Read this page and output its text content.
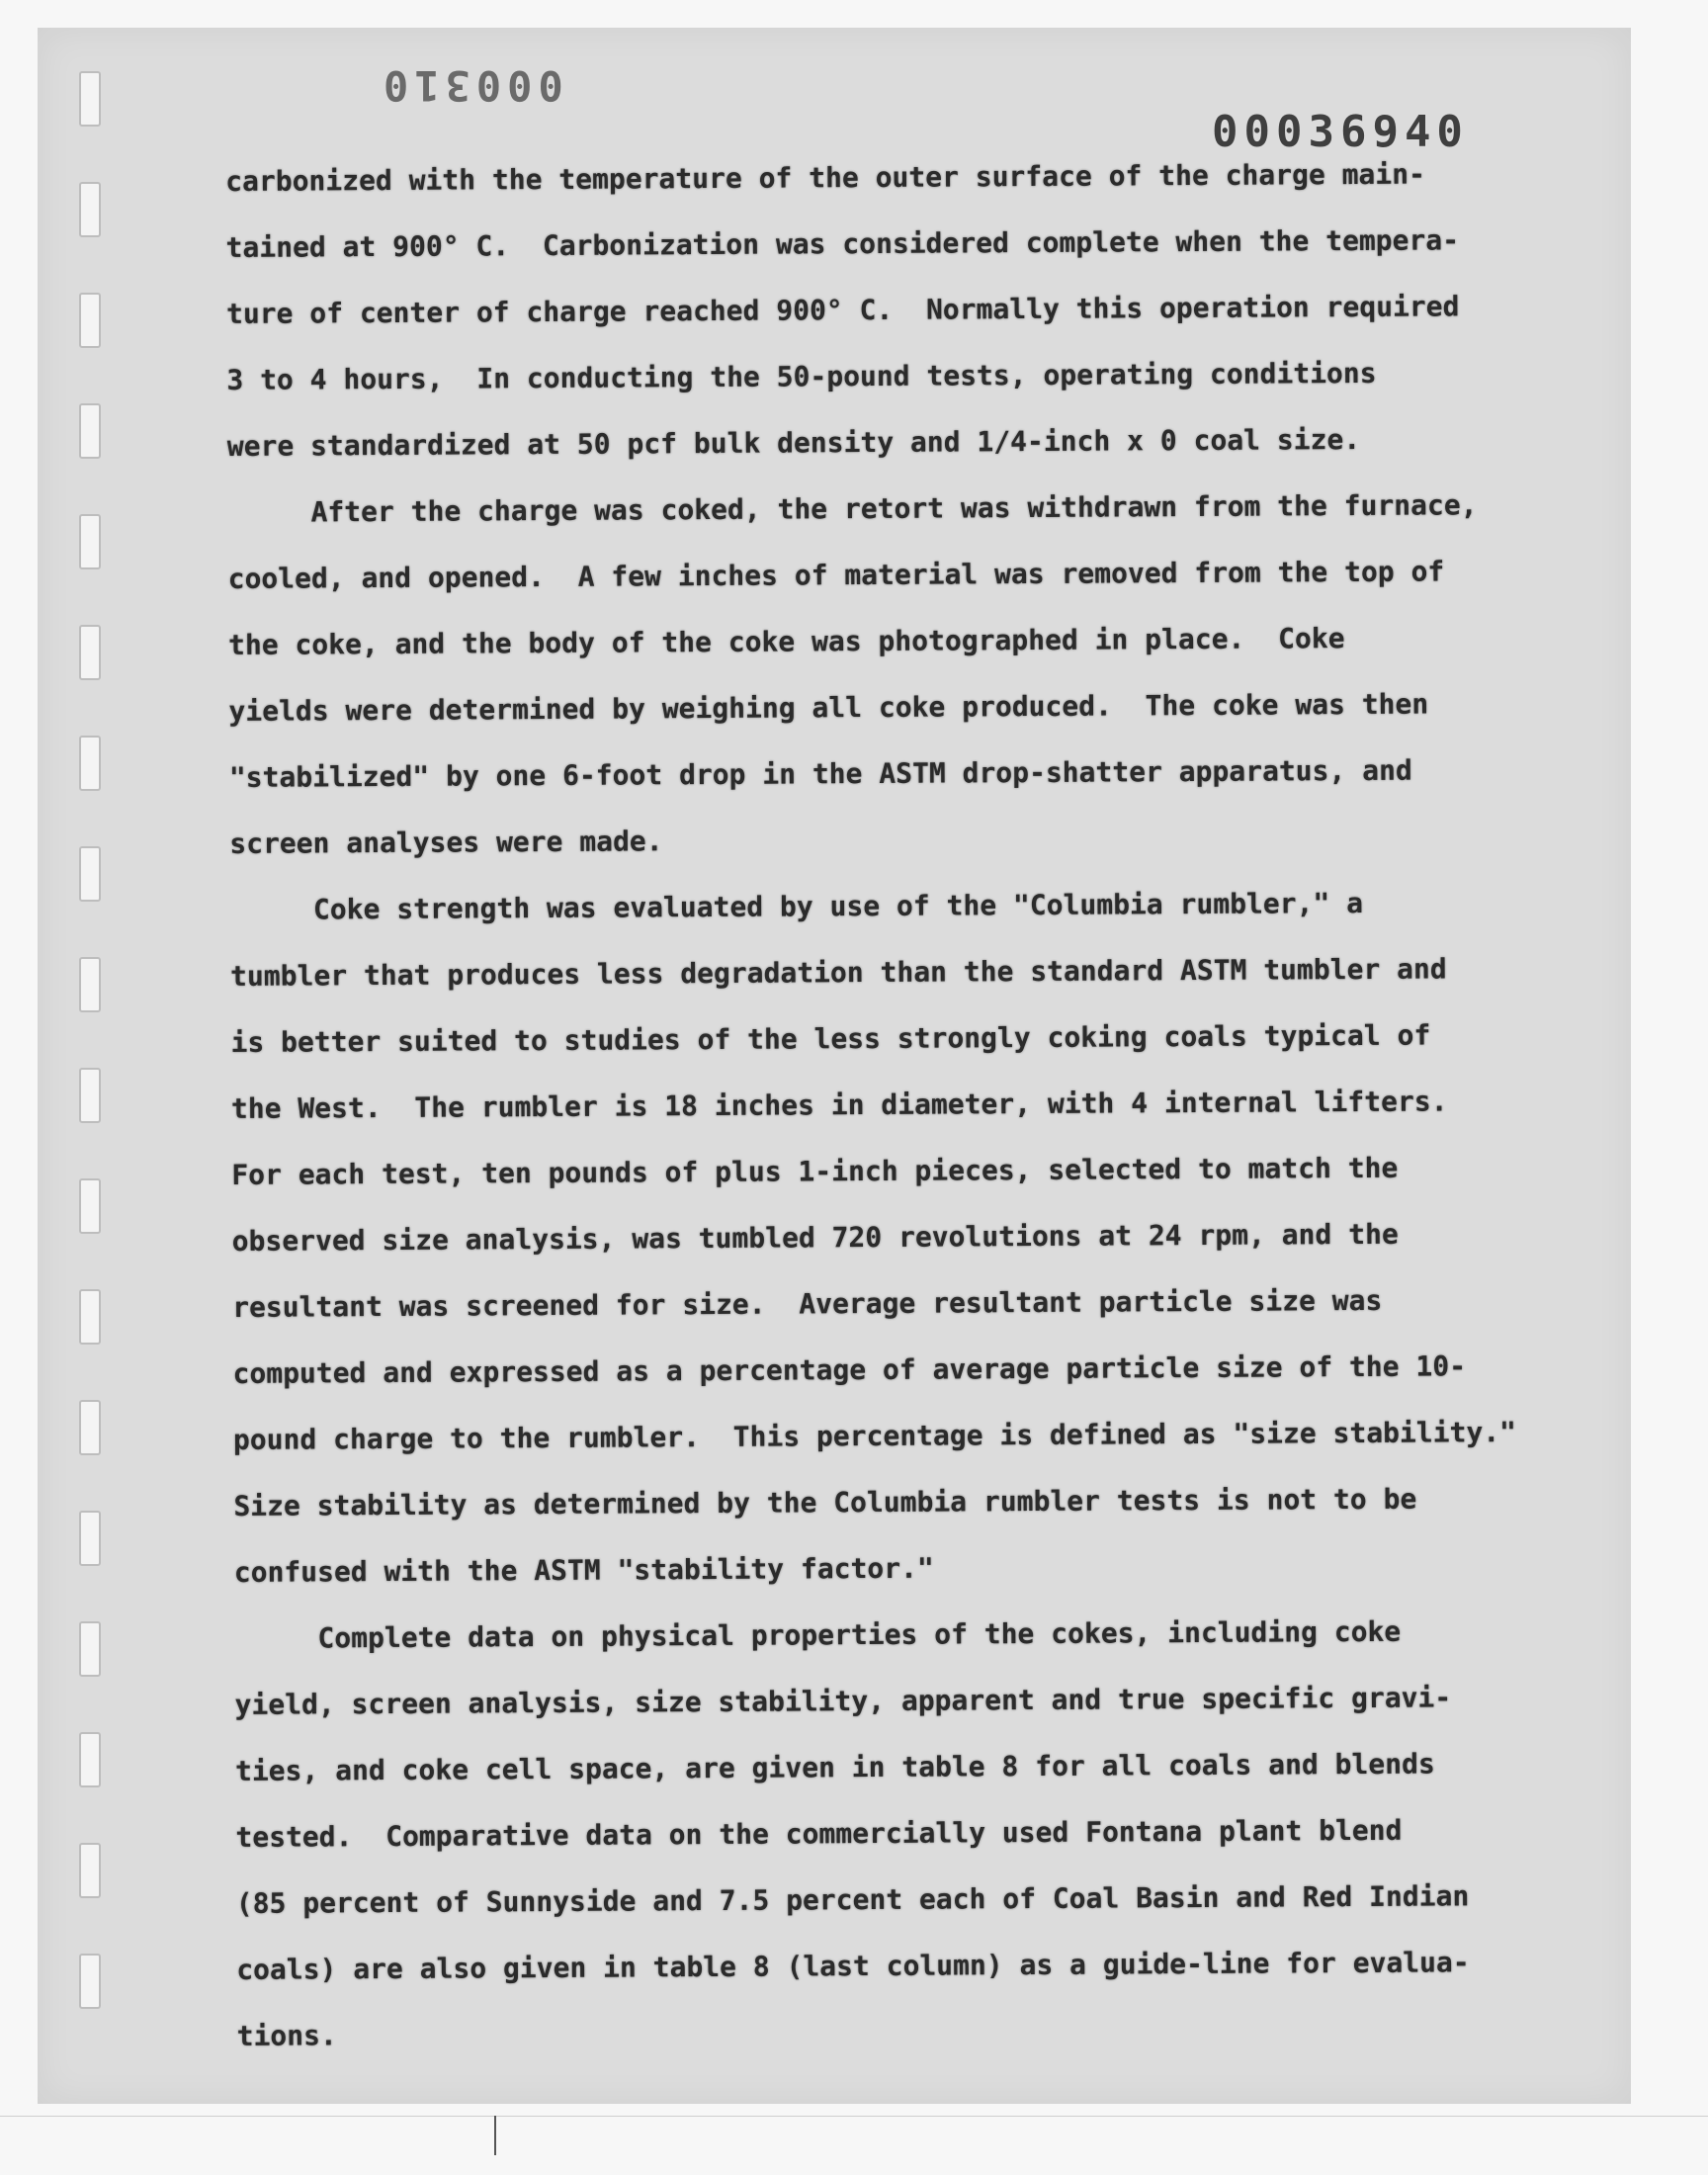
000310
00036940
carbonized with the temperature of the outer surface of the charge main-
tained at 900° C.  Carbonization was considered complete when the tempera-
ture of center of charge reached 900° C.  Normally this operation required
3 to 4 hours,  In conducting the 50-pound tests, operating conditions
were standardized at 50 pcf bulk density and 1/4-inch x 0 coal size.
After the charge was coked, the retort was withdrawn from the furnace,
cooled, and opened.  A few inches of material was removed from the top of
the coke, and the body of the coke was photographed in place.  Coke
yields were determined by weighing all coke produced.  The coke was then
"stabilized" by one 6-foot drop in the ASTM drop-shatter apparatus, and
screen analyses were made.
Coke strength was evaluated by use of the "Columbia rumbler," a
tumbler that produces less degradation than the standard ASTM tumbler and
is better suited to studies of the less strongly coking coals typical of
the West.  The rumbler is 18 inches in diameter, with 4 internal lifters.
For each test, ten pounds of plus 1-inch pieces, selected to match the
observed size analysis, was tumbled 720 revolutions at 24 rpm, and the
resultant was screened for size.  Average resultant particle size was
computed and expressed as a percentage of average particle size of the 10-
pound charge to the rumbler.  This percentage is defined as "size stability."
Size stability as determined by the Columbia rumbler tests is not to be
confused with the ASTM "stability factor."
Complete data on physical properties of the cokes, including coke
yield, screen analysis, size stability, apparent and true specific gravi-
ties, and coke cell space, are given in table 8 for all coals and blends
tested.  Comparative data on the commercially used Fontana plant blend
(85 percent of Sunnyside and 7.5 percent each of Coal Basin and Red Indian
coals) are also given in table 8 (last column) as a guide-line for evalua-
tions.
